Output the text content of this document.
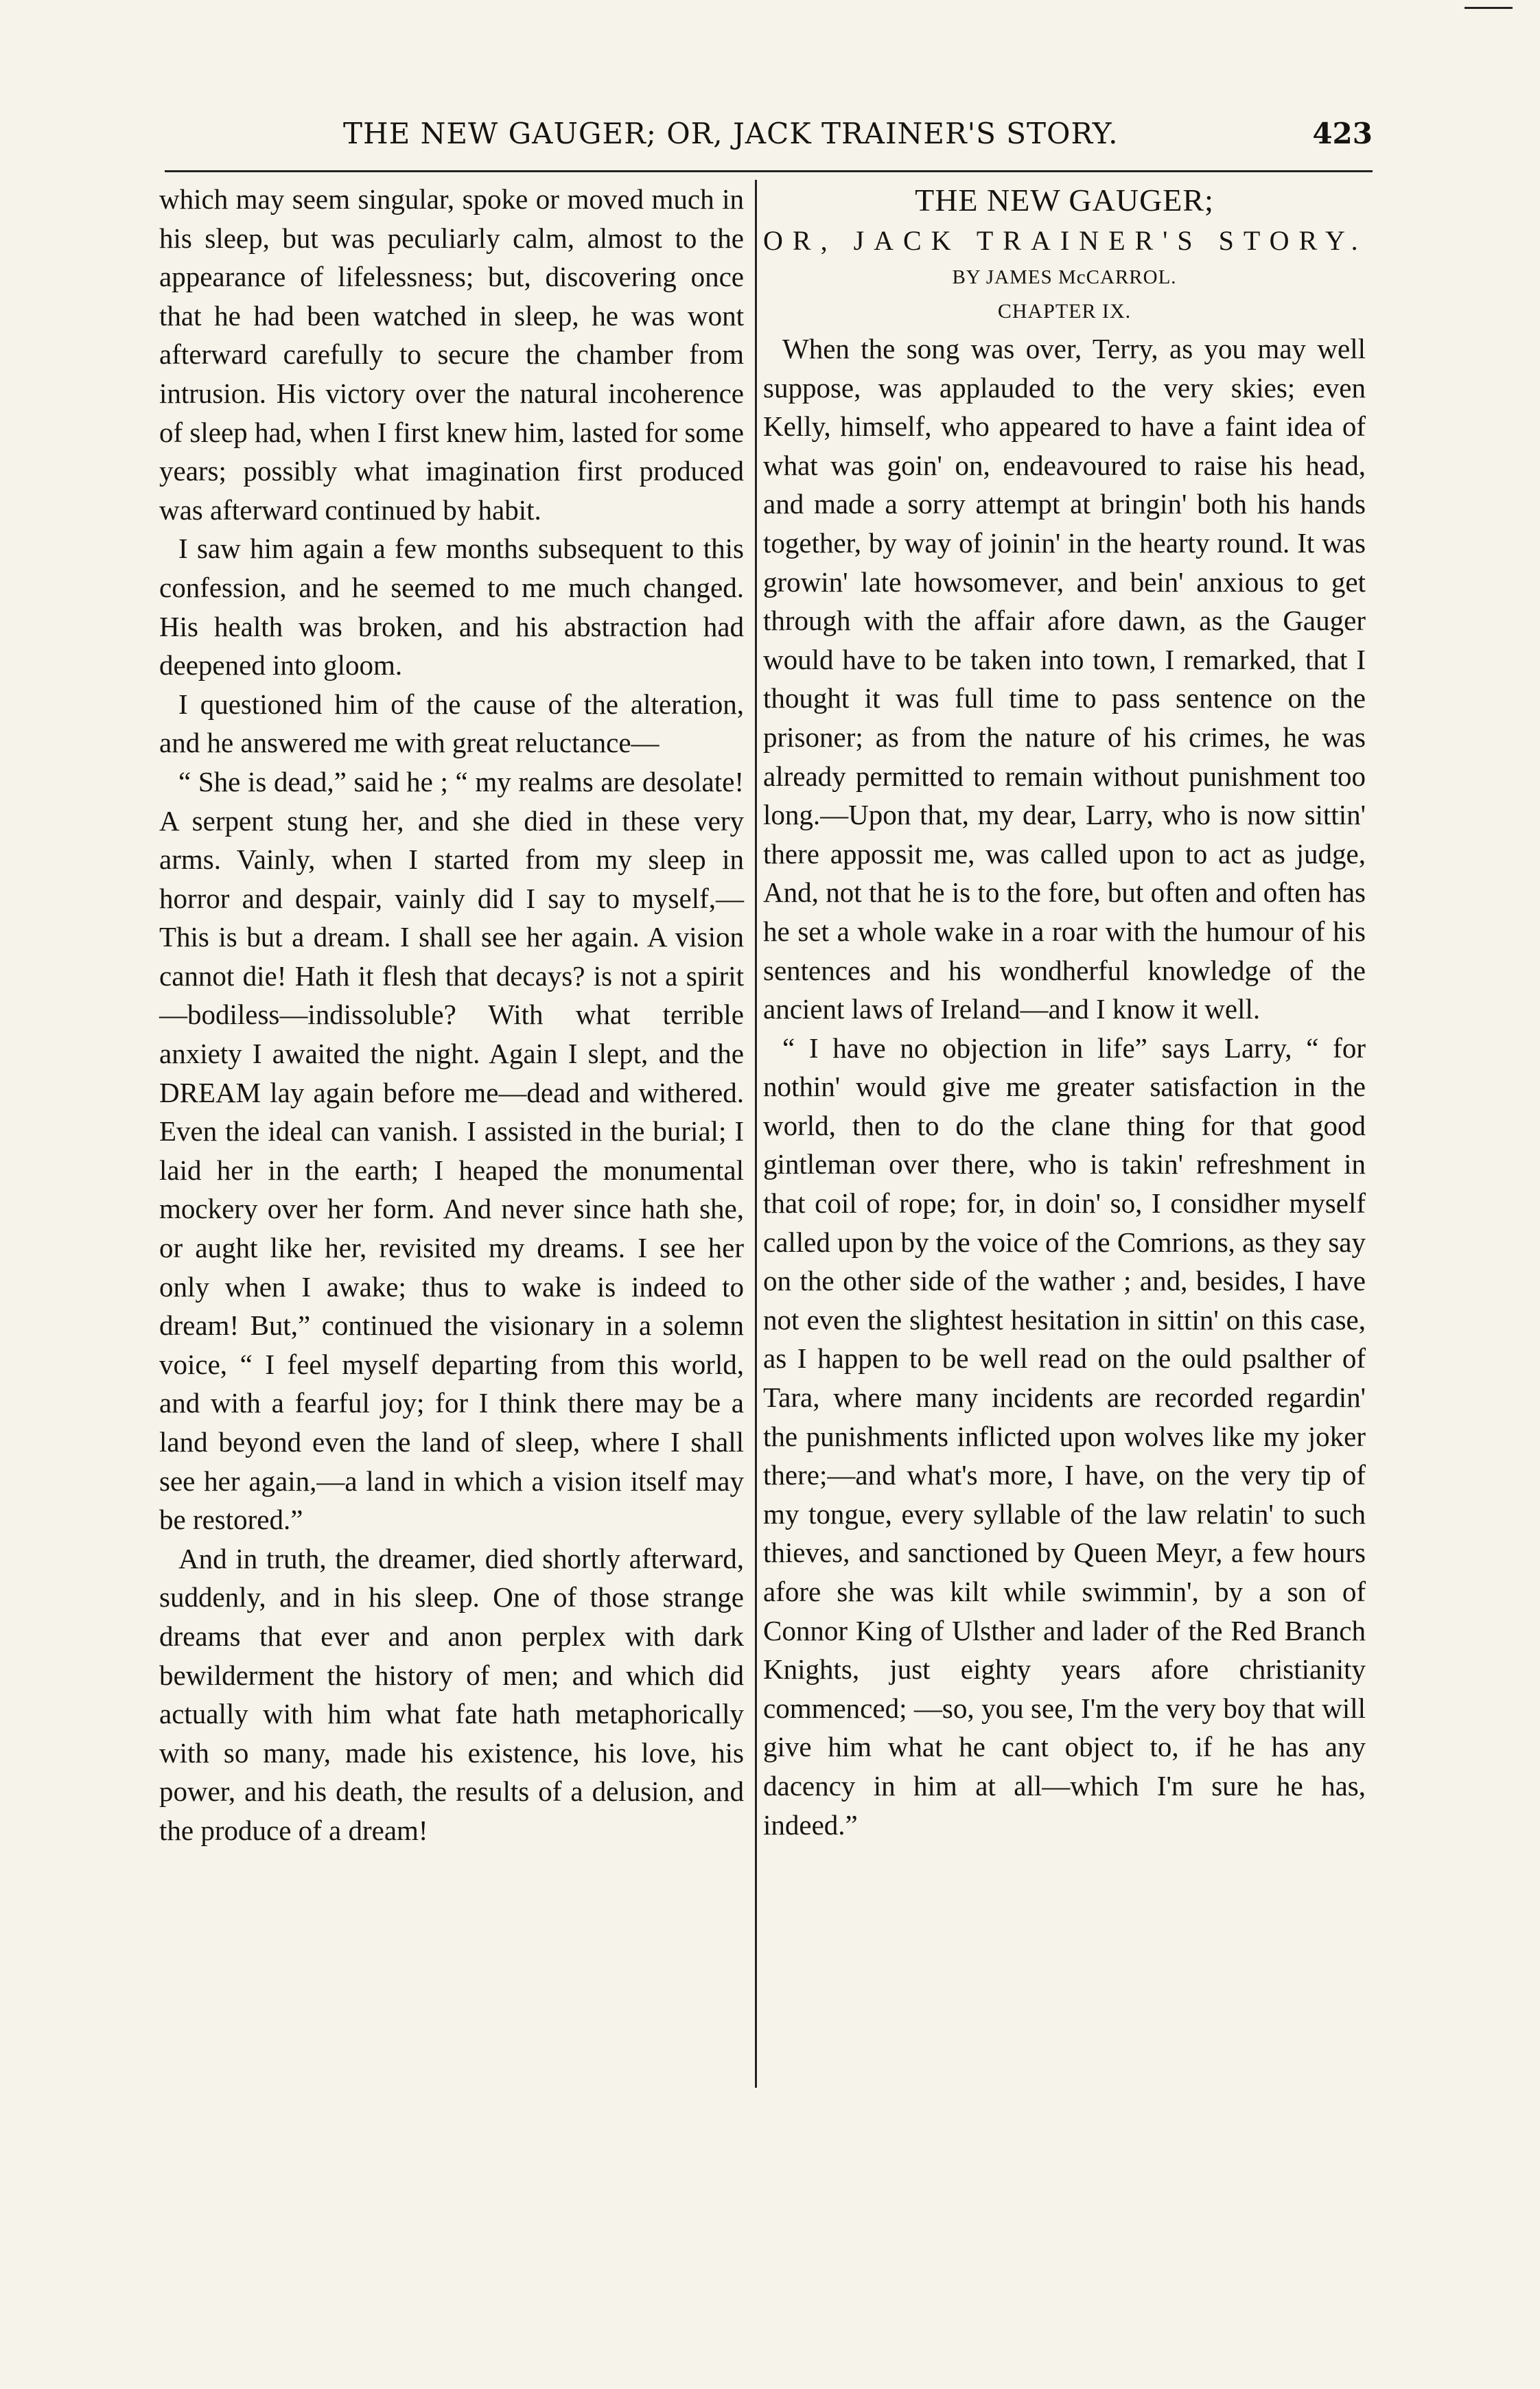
THE NEW GAUGER; OR, JACK TRAINER'S STORY.	423

which may seem singular, spoke or moved much in his sleep, but was peculiarly calm, almost to the appearance of lifelessness; but, discovering once that he had been watched in sleep, he was wont afterward carefully to secure the chamber from intrusion. His victory over the natural incoherence of sleep had, when I first knew him, lasted for some years; possibly what imagination first produced was afterward continued by habit.

I saw him again a few months subsequent to this confession, and he seemed to me much changed. His health was broken, and his abstraction had deepened into gloom.

I questioned him of the cause of the alteration, and he answered me with great reluctance—

“ She is dead,” said he ; “ my realms are desolate! A serpent stung her, and she died in these very arms. Vainly, when I started from my sleep in horror and despair, vainly did I say to myself,—This is but a dream. I shall see her again. A vision cannot die! Hath it flesh that decays? is not a spirit—bodiless—indissoluble? With what terrible anxiety I awaited the night. Again I slept, and the DREAM lay again before me—dead and withered. Even the ideal can vanish. I assisted in the burial; I laid her in the earth; I heaped the monumental mockery over her form. And never since hath she, or aught like her, revisited my dreams. I see her only when I awake; thus to wake is indeed to dream! But,” continued the visionary in a solemn voice, “ I feel myself departing from this world, and with a fearful joy; for I think there may be a land beyond even the land of sleep, where I shall see her again,—a land in which a vision itself may be restored.”

And in truth, the dreamer, died shortly afterward, suddenly, and in his sleep. One of those strange dreams that ever and anon perplex with dark bewilderment the history of men; and which did actually with him what fate hath metaphorically with so many, made his existence, his love, his power, and his death, the results of a delusion, and the produce of a dream!

THE NEW GAUGER;

OR, JACK TRAINER'S STORY.

BY JAMES McCARROL.

CHAPTER IX.

When the song was over, Terry, as you may well suppose, was applauded to the very skies; even Kelly, himself, who appeared to have a faint idea of what was goin' on, endeavoured to raise his head, and made a sorry attempt at bringin' both his hands together, by way of joinin' in the hearty round. It was growin' late howsomever, and bein' anxious to get through with the affair afore dawn, as the Gauger would have to be taken into town, I remarked, that I thought it was full time to pass sentence on the prisoner; as from the nature of his crimes, he was already permitted to remain without punishment too long.—Upon that, my dear, Larry, who is now sittin' there appossit me, was called upon to act as judge, And, not that he is to the fore, but often and often has he set a whole wake in a roar with the humour of his sentences and his wondherful knowledge of the ancient laws of Ireland—and I know it well.

“ I have no objection in life” says Larry, “ for nothin' would give me greater satisfaction in the world, then to do the clane thing for that good gintleman over there, who is takin' refreshment in that coil of rope; for, in doin' so, I considher myself called upon by the voice of the Comrions, as they say on the other side of the wather ; and, besides, I have not even the slightest hesitation in sittin' on this case, as I happen to be well read on the ould psalther of Tara, where many incidents are recorded regardin' the punishments inflicted upon wolves like my joker there;—and what's more, I have, on the very tip of my tongue, every syllable of the law relatin' to such thieves, and sanctioned by Queen Meyr, a few hours afore she was kilt while swimmin', by a son of Connor King of Ulsther and lader of the Red Branch Knights, just eighty years afore christianity commenced; —so, you see, I'm the very boy that will give him what he cant object to, if he has any dacency in him at all—which I'm sure he has, indeed.”
